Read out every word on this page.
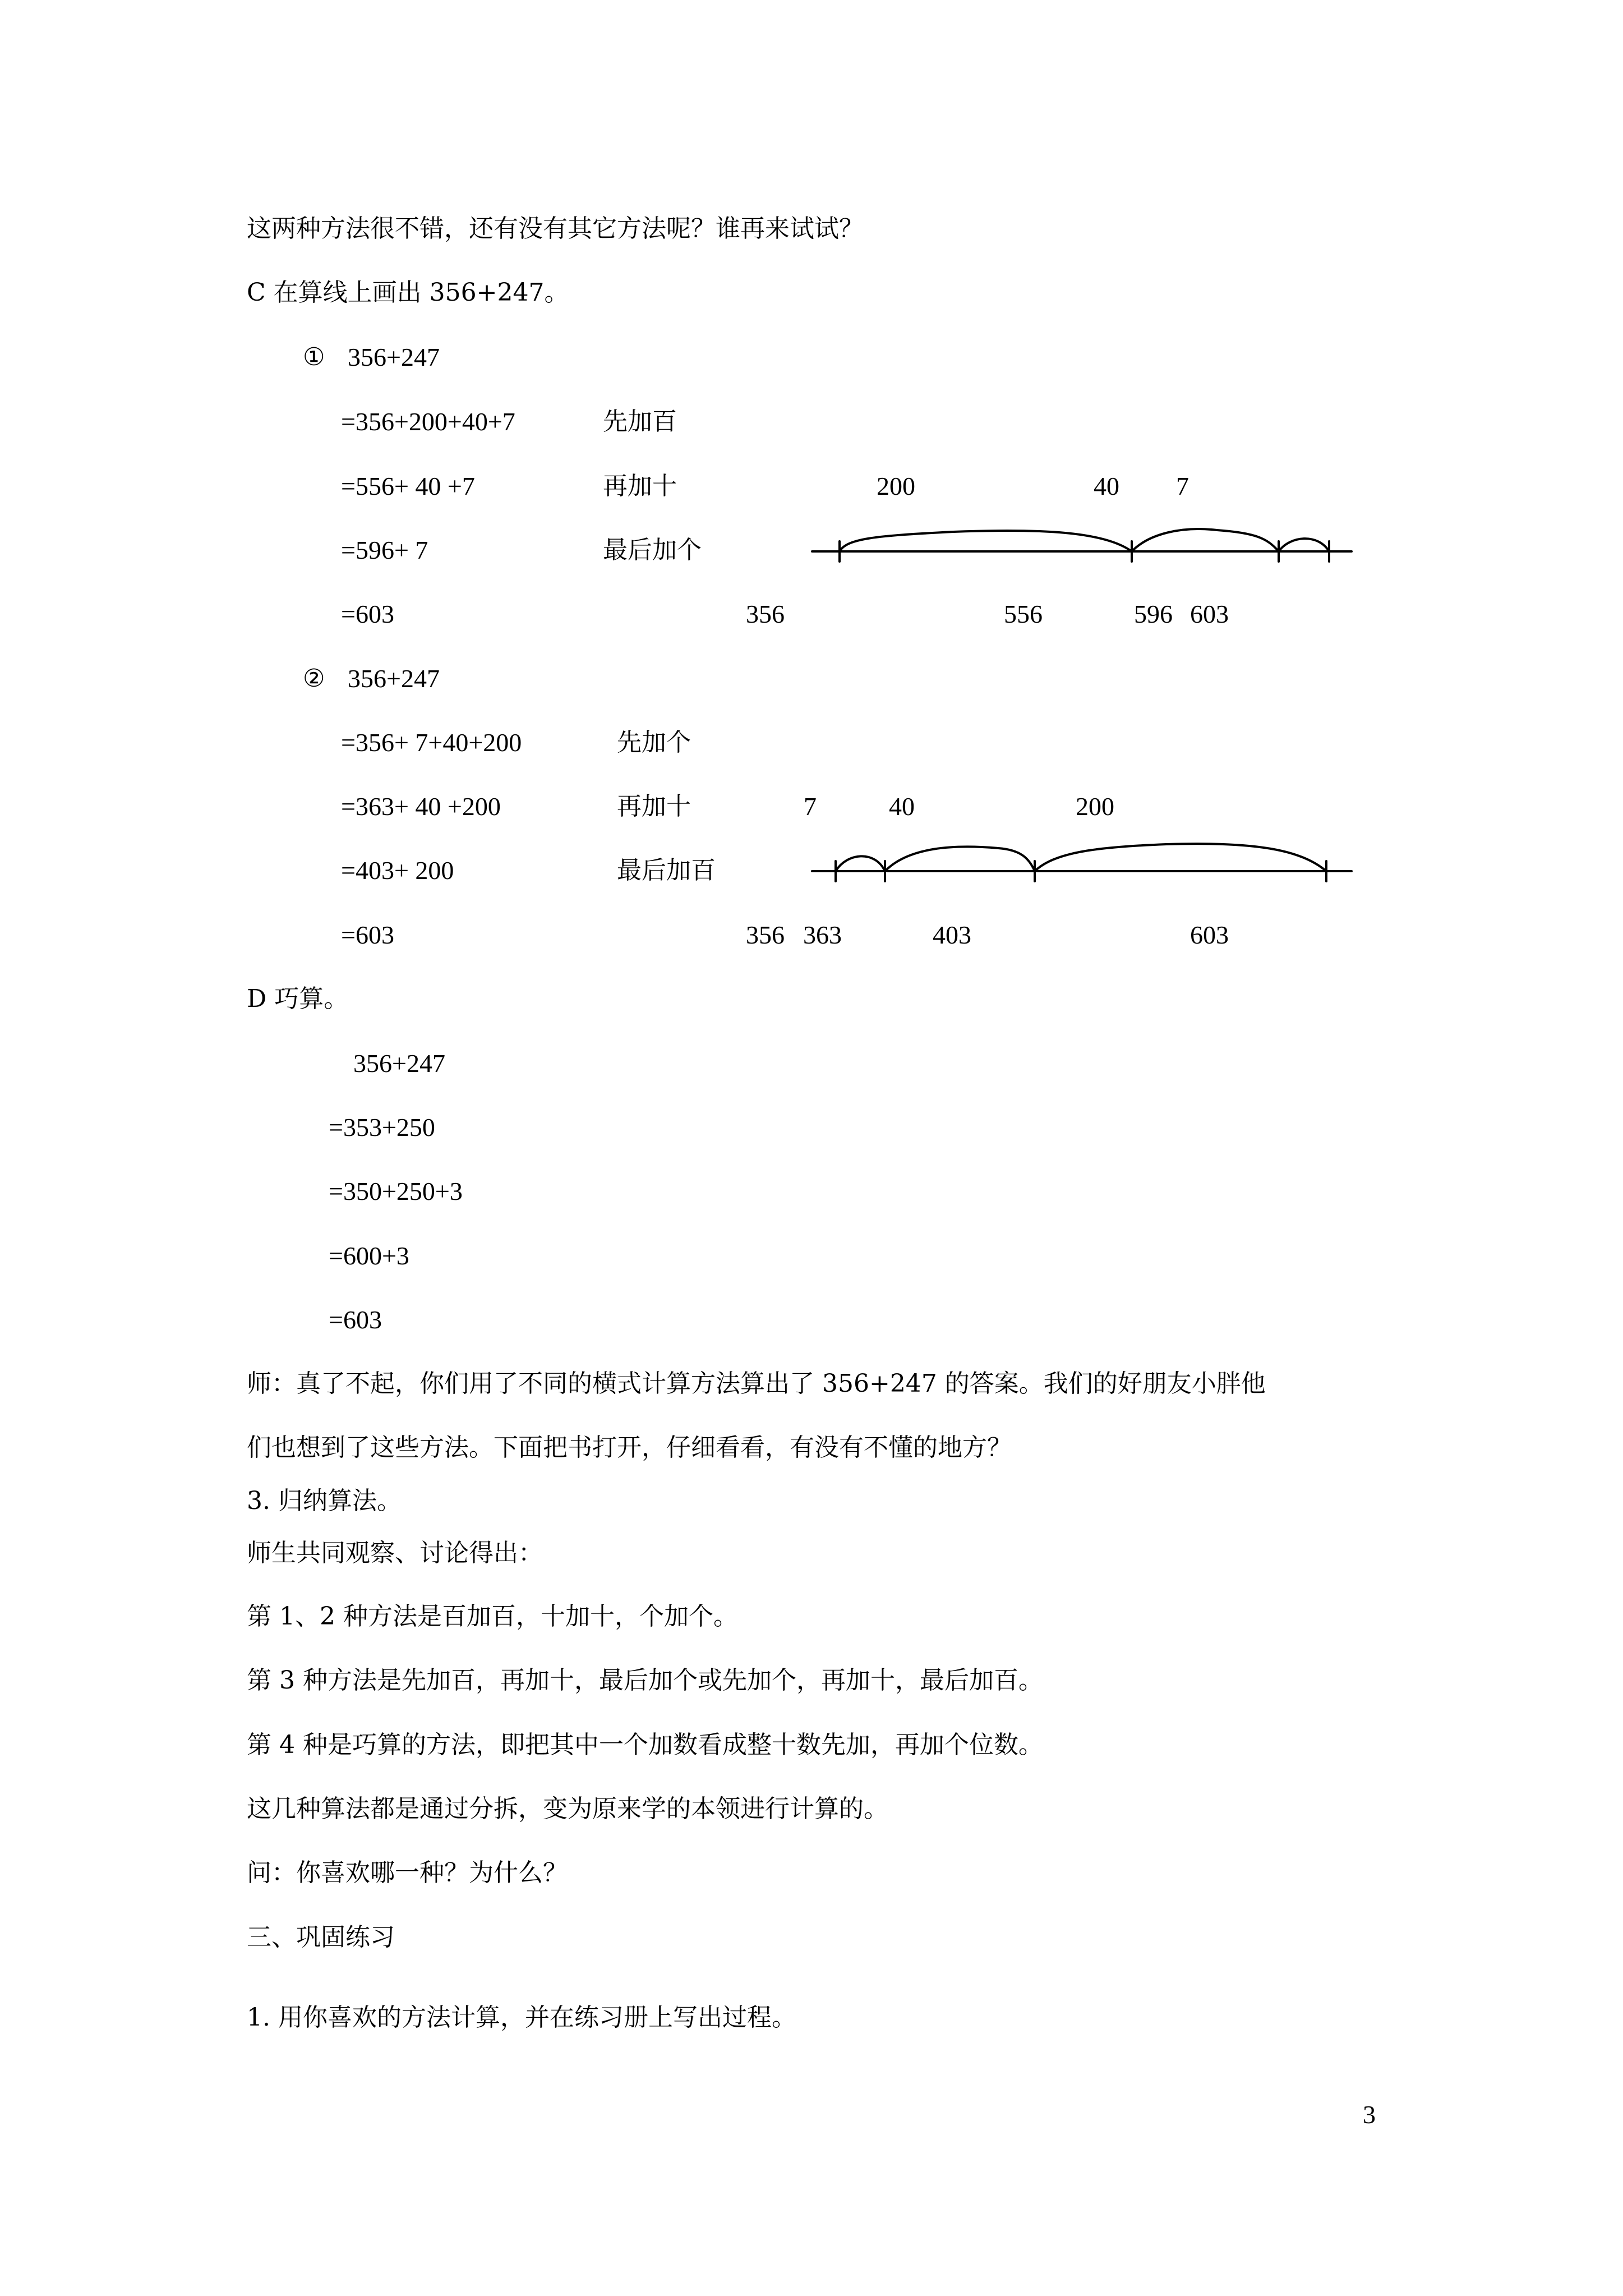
这两种方法很不错，还有没有其它方法呢？谁再来试试？
C 在算线上画出 356+247。
① 356+247
=356+200+40+7
=556+ 40 +7
=596+ 7
=603
先加百
再加十
最后加个
200	40 7
356	556	596 603
② 356+247
=356+ 7+40+200
=363+ 40 +200
=403+ 200
=603
先加个
再加十
最后加百
7	40	200
356 363	403	603
D 巧算。
356+247
=353+250
=350+250+3
=600+3
=603
师：真了不起，你们用了不同的横式计算方法算出了 356+247 的答案。我们的好朋友小胖他
们也想到了这些方法。下面把书打开，仔细看看，有没有不懂的地方？
3. 归纳算法。
师生共同观察、讨论得出：
第 1、2 种方法是百加百，十加十，个加个。
第 3 种方法是先加百，再加十，最后加个或先加个，再加十，最后加百。
第 4 种是巧算的方法，即把其中一个加数看成整十数先加，再加个位数。
这几种算法都是通过分拆，变为原来学的本领进行计算的。
问：你喜欢哪一种？为什么？
三、巩固练习
1. 用你喜欢的方法计算，并在练习册上写出过程。
3
